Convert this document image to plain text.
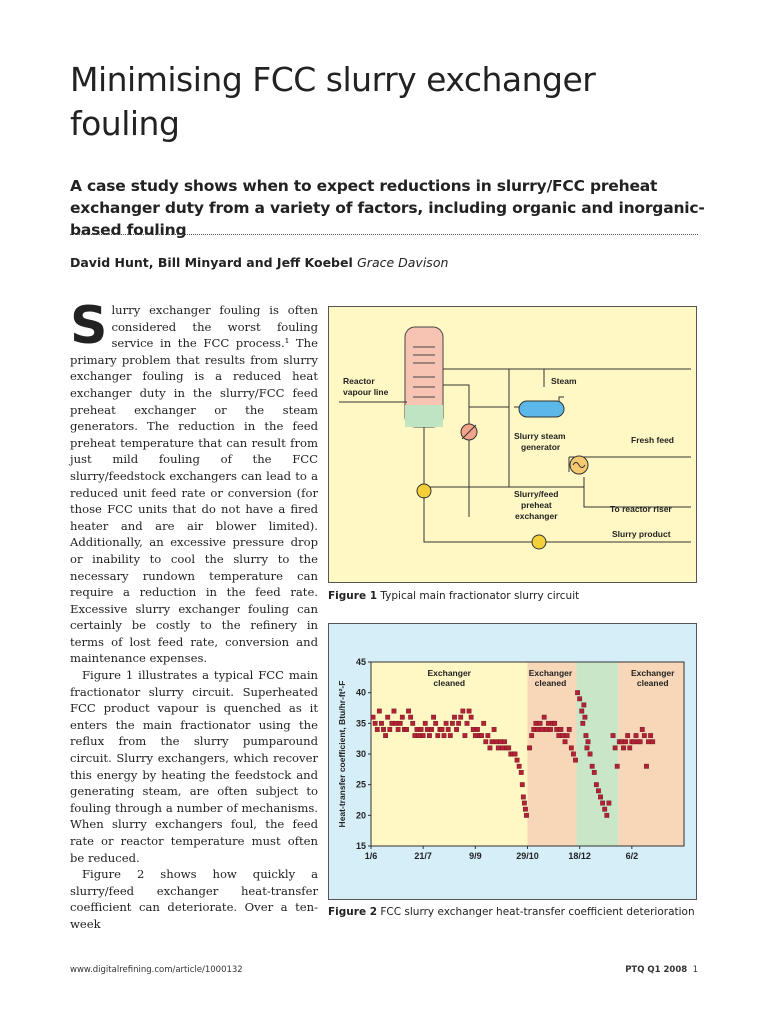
Minimising FCC slurry exchanger fouling
A case study shows when to expect reductions in slurry/FCC preheat exchanger duty from a variety of factors, including organic and inorganic-based fouling
David Hunt, Bill Minyard and Jeff Koebel Grace Davison

Slurry exchanger fouling is often considered the worst fouling service in the FCC process.¹ The primary problem that results from slurry exchanger fouling is a reduced heat exchanger duty in the slurry/FCC feed preheat exchanger or the steam generators. The reduction in the feed preheat temperature that can result from just mild fouling of the FCC slurry/feedstock exchangers can lead to a reduced unit feed rate or conversion (for those FCC units that do not have a fired heater and are air blower limited). Additionally, an excessive pressure drop or inability to cool the slurry to the necessary rundown temperature can require a reduction in the feed rate. Excessive slurry exchanger fouling can certainly be costly to the refinery in terms of lost feed rate, conversion and maintenance expenses.

Figure 1 illustrates a typical FCC main fractionator slurry circuit. Superheated FCC product vapour is quenched as it enters the main fractionator using the reflux from the slurry pumparound circuit. Slurry exchangers, which recover this energy by heating the feedstock and generating steam, are often subject to fouling through a number of mechanisms. When slurry exchangers foul, the feed rate or reactor temperature must often be reduced.

Figure 2 shows how quickly a slurry/feed exchanger heat-transfer coefficient can deteriorate. Over a ten-week

Reactor
vapour line
Steam
Slurry steam
generator
Fresh feed
Slurry/feed
preheat
exchanger
To reactor riser
Slurry product
Figure 1 Typical main fractionator slurry circuit
15
20
25
30
35
40
45
1/6	21/7	9/9	29/10	18/12	6/2
Heat-transfer coefficient, Btu/hr-ft²-F
Exchanger
cleaned
Exchanger
cleaned
Exchanger
cleaned
Figure 2 FCC slurry exchanger heat-transfer coefficient deterioration
www.digitalrefining.com/article/1000132	PTQ Q1 2008  1
